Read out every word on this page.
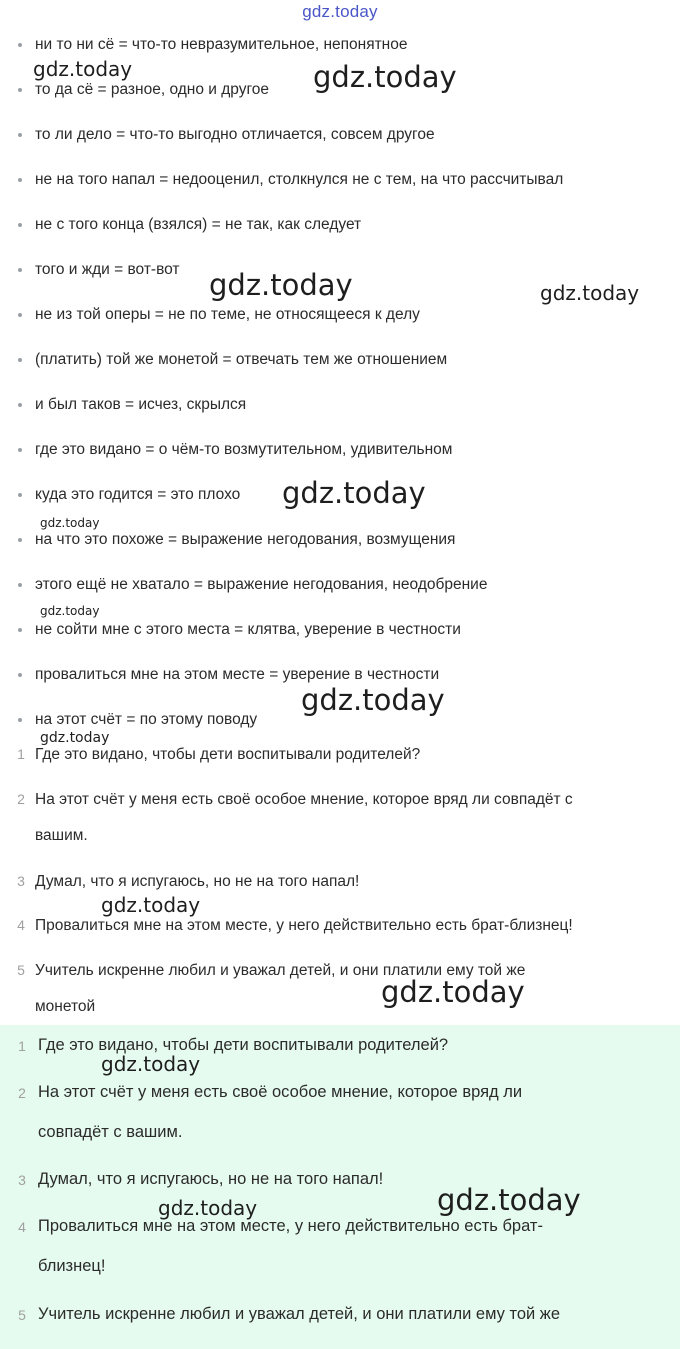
gdz.today
ни то ни сё = что-то невразумительное, непонятное
то да сё = разное, одно и другое
то ли дело = что-то выгодно отличается, совсем другое
не на того напал = недооценил, столкнулся не с тем, на что рассчитывал
не с того конца (взялся) = не так, как следует
того и жди = вот-вот
не из той оперы = не по теме, не относящееся к делу
(платить) той же монетой = отвечать тем же отношением
и был таков = исчез, скрылся
где это видано = о чём-то возмутительном, удивительном
куда это годится = это плохо
на что это похоже = выражение негодования, возмущения
этого ещё не хватало = выражение негодования, неодобрение
не сойти мне с этого места = клятва, уверение в честности
провалиться мне на этом месте = уверение в честности
на этот счёт = по этому поводу
1 Где это видано, чтобы дети воспитывали родителей?
2 На этот счёт у меня есть своё особое мнение, которое вряд ли совпадёт с
вашим.
3 Думал, что я испугаюсь, но не на того напал!
4 Провалиться мне на этом месте, у него действительно есть брат-близнец!
5 Учитель искренне любил и уважал детей, и они платили ему той же
монетой
1 Где это видано, чтобы дети воспитывали родителей?
2 На этот счёт у меня есть своё особое мнение, которое вряд ли
совпадёт с вашим.
3 Думал, что я испугаюсь, но не на того напал!
4 Провалиться мне на этом месте, у него действительно есть брат-
близнец!
5 Учитель искренне любил и уважал детей, и они платили ему той же
gdz.today	gdz.today
gdz.today	gdz.today
gdz.today
gdz.today
gdz.today
gdz.today
gdz.today
gdz.today
gdz.today
gdz.today
gdz.today	gdz.today
